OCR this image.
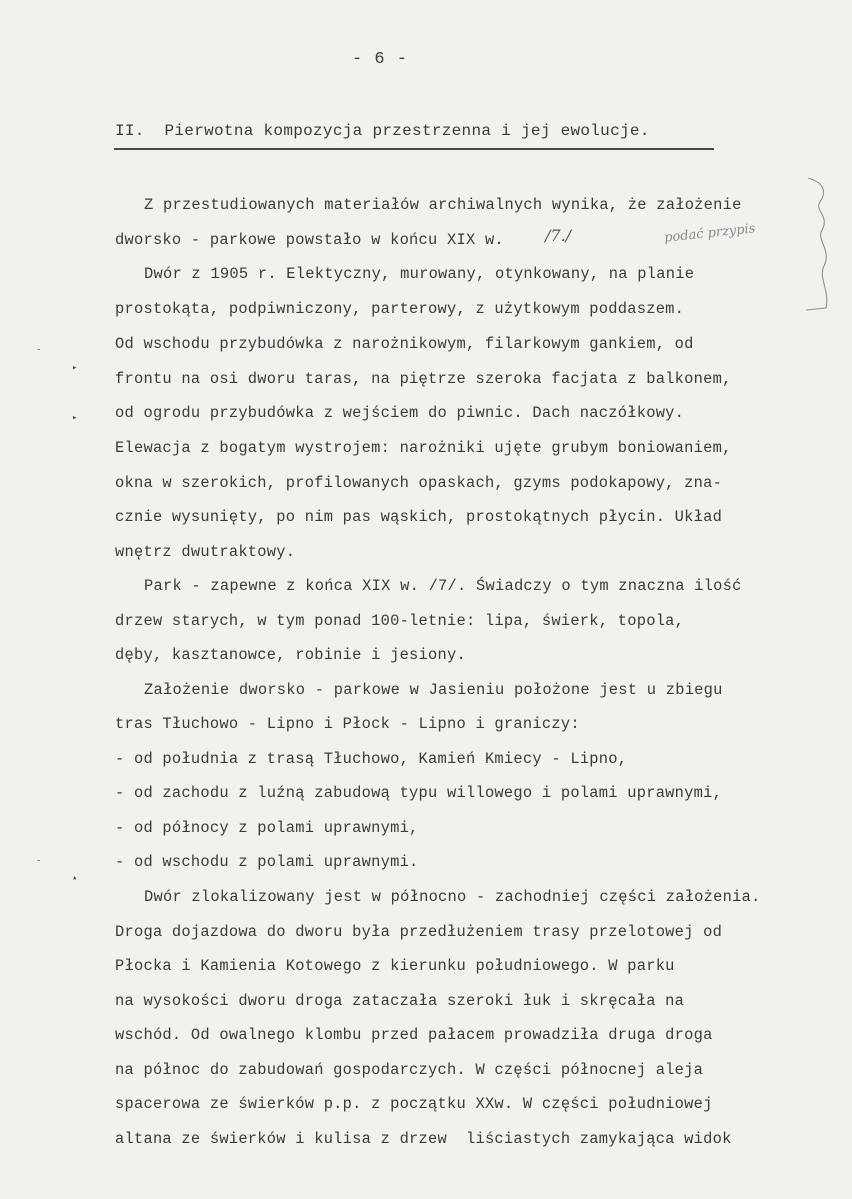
- 6 -
II.  Pierwotna kompozycja przestrzenna i jej ewolucje.
Z przestudiowanych materiałów archiwalnych wynika, że założenie
dworsko - parkowe powstało w końcu XIX w.	/7./	podać przypis
Dwór z 1905 r. Elektyczny, murowany, otynkowany, na planie
prostokąta, podpiwniczony, parterowy, z użytkowym poddaszem.
Od wschodu przybudówka z narożnikowym, filarkowym gankiem, od
frontu na osi dworu taras, na piętrze szeroka facjata z balkonem,
od ogrodu przybudówka z wejściem do piwnic. Dach naczółkowy.
Elewacja z bogatym wystrojem: narożniki ujęte grubym boniowaniem,
okna w szerokich, profilowanych opaskach, gzyms podokapowy, zna-
cznie wysunięty, po nim pas wąskich, prostokątnych płycin. Układ
wnętrz dwutraktowy.
Park - zapewne z końca XIX w. /7/. Świadczy o tym znaczna ilość
drzew starych, w tym ponad 100-letnie: lipa, świerk, topola,
dęby, kasztanowce, robinie i jesiony.
Założenie dworsko - parkowe w Jasieniu położone jest u zbiegu
tras Tłuchowo - Lipno i Płock - Lipno i graniczy:
- od południa z trasą Tłuchowo, Kamień Kmiecy - Lipno,
- od zachodu z luźną zabudową typu willowego i polami uprawnymi,
- od północy z polami uprawnymi,
- od wschodu z polami uprawnymi.
Dwór zlokalizowany jest w północno - zachodniej części założenia.
Droga dojazdowa do dworu była przedłużeniem trasy przelotowej od
Płocka i Kamienia Kotowego z kierunku południowego. W parku
na wysokości dworu droga zataczała szeroki łuk i skręcała na
wschód. Od owalnego klombu przed pałacem prowadziła druga droga
na północ do zabudowań gospodarczych. W części północnej aleja
spacerowa ze świerków p.p. z początku XXw. W części południowej
altana ze świerków i kulisa z drzew  liściastych zamykająca widok
-
▸
▸
-
▴
